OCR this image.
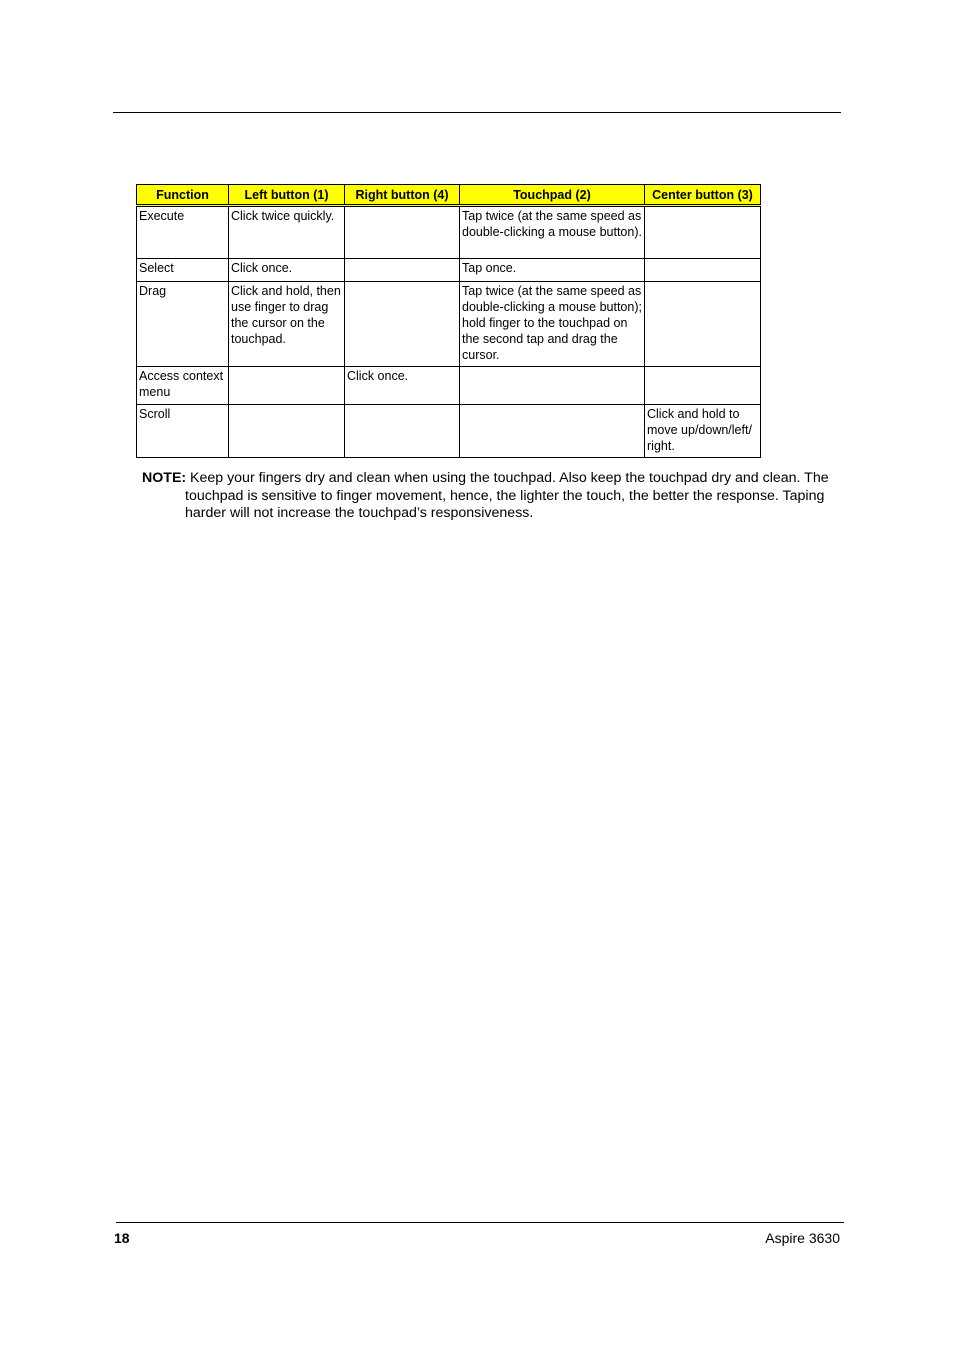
Function	Left button (1)	Right button (4)	Touchpad (2)	Center button (3)
Execute	Click twice quickly.		Tap twice (at the same speed as double-clicking a mouse button).	
Select	Click once.		Tap once.	
Drag	Click and hold, then use finger to drag the cursor on the touchpad.		Tap twice (at the same speed as double-clicking a mouse button); hold finger to the touchpad on the second tap and drag the cursor.	
Access context menu		Click once.		
Scroll				Click and hold to move up/down/left/ right.
NOTE: Keep your fingers dry and clean when using the touchpad. Also keep the touchpad dry and clean. The touchpad is sensitive to finger movement, hence, the lighter the touch, the better the response. Taping harder will not increase the touchpad’s responsiveness.
18	Aspire 3630
